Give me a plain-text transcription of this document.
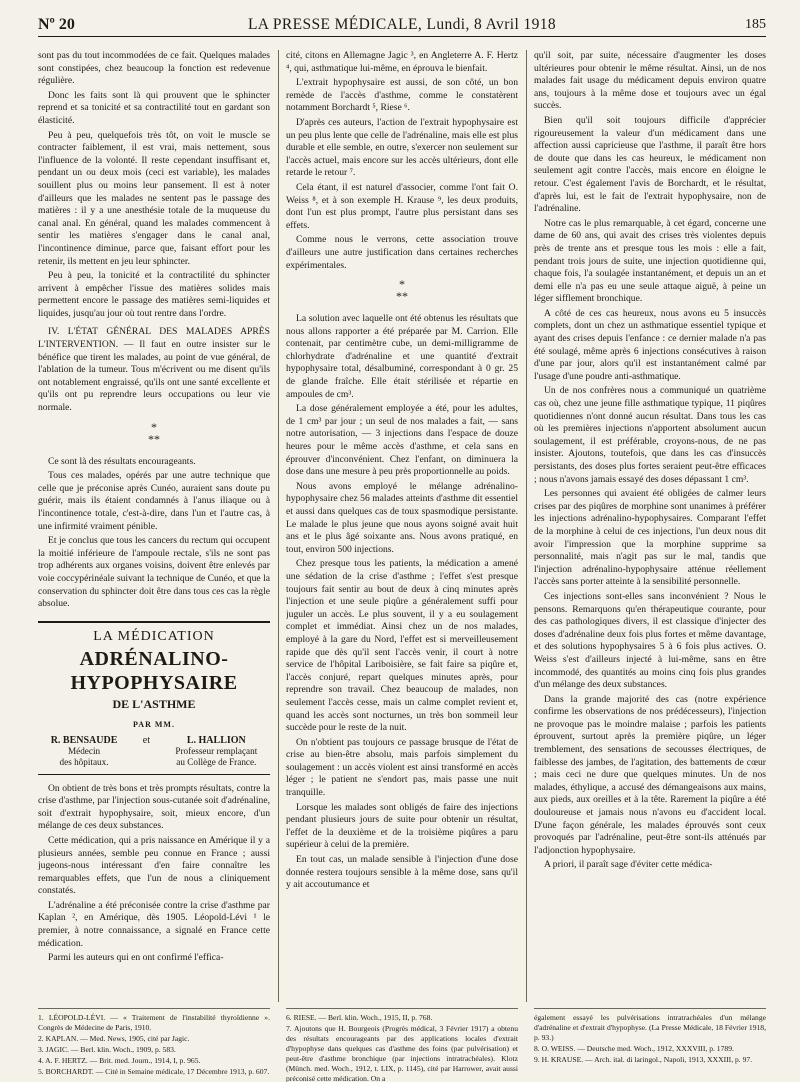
LA PRESSE MÉDICALE, Lundi, 8 Avril 1918
Nº 20	185

sont pas du tout incommodées de ce fait. Quelques malades sont constipées, chez beaucoup la fonction est redevenue régulière.

Donc les faits sont là qui prouvent que le sphincter reprend et sa tonicité et sa contractilité tout en gardant son élasticité.

Peu à peu, quelquefois très tôt, on voit le muscle se contracter faiblement, il est vrai, mais nettement, sous l'influence de la volonté. Il reste cependant insuffisant et, pendant un ou deux mois (ceci est variable), les malades souillent plus ou moins leur pansement. Il est à noter d'ailleurs que les malades ne sentent pas le passage des matières : il y a une anesthésie totale de la muqueuse du canal anal. En général, quand les malades commencent à sentir les matières s'engager dans le canal anal, l'incontinence diminue, parce que, faisant effort pour les retenir, ils mettent en jeu leur sphincter.

Peu à peu, la tonicité et la contractilité du sphincter arrivent à empêcher l'issue des matières solides mais permettent encore le passage des matières semi-liquides et liquides, jusqu'au jour où tout rentre dans l'ordre.

IV. L'ÉTAT GÉNÉRAL DES MALADES APRÈS L'INTERVENTION. — Il faut en outre insister sur le bénéfice que tirent les malades, au point de vue général, de l'ablation de la tumeur. Tous m'écrivent ou me disent qu'ils ont notablement engraissé, qu'ils ont une santé excellente et qu'ils ont pu reprendre leurs occupations ou leur vie normale.

*
**

Ce sont là des résultats encourageants.

Tous ces malades, opérés par une autre technique que celle que je préconise après Cunéo, auraient sans doute pu guérir, mais ils étaient condamnés à l'anus iliaque ou à l'incontinence totale, c'est-à-dire, dans l'un et l'autre cas, à une infirmité vraiment pénible.

Et je conclus que tous les cancers du rectum qui occupent la moitié inférieure de l'ampoule rectale, s'ils ne sont pas trop adhérents aux organes voisins, doivent être enlevés par voie coccypérinéale suivant la technique de Cunéo, et que la conservation du sphincter doit être dans tous ces cas la règle absolue.

LA MÉDICATION
ADRÉNALINO-HYPOPHYSAIRE
DE L'ASTHME
PAR MM.
R. BENSAUDE
Médecin
des hôpitaux.
et	L. HALLION
Professeur remplaçant
au Collège de France.

On obtient de très bons et très prompts résultats, contre la crise d'asthme, par l'injection sous-cutanée soit d'adrénaline, soit d'extrait hypophysaire, soit, mieux encore, d'un mélange de ces deux substances.

Cette médication, qui a pris naissance en Amérique il y a plusieurs années, semble peu connue en France ; aussi jugeons-nous intéressant d'en faire connaître les remarquables effets, que l'un de nous a cliniquement constatés.

L'adrénaline a été préconisée contre la crise d'asthme par Kaplan ², en Amérique, dès 1905. Léopold-Lévi ¹ le premier, à notre connaissance, a signalé en France cette médication.

Parmi les auteurs qui en ont confirmé l'effica-

cité, citons en Allemagne Jagic ³, en Angleterre A. F. Hertz ⁴, qui, asthmatique lui-même, en éprouva le bienfait.

L'extrait hypophysaire est aussi, de son côté, un bon remède de l'accès d'asthme, comme le constatèrent notamment Borchardt ⁵, Riese ⁶.

D'après ces auteurs, l'action de l'extrait hypophysaire est un peu plus lente que celle de l'adrénaline, mais elle est plus durable et elle semble, en outre, s'exercer non seulement sur l'accès actuel, mais encore sur les accès ultérieurs, dont elle retarde le retour ⁷.

Cela étant, il est naturel d'associer, comme l'ont fait O. Weiss ⁸, et à son exemple H. Krause ⁹, les deux produits, dont l'un est plus prompt, l'autre plus persistant dans ses effets.

Comme nous le verrons, cette association trouve d'ailleurs une autre justification dans certaines recherches expérimentales.

*
**

La solution avec laquelle ont été obtenus les résultats que nous allons rapporter a été préparée par M. Carrion. Elle contenait, par centimètre cube, un demi-milligramme de chlorhydrate d'adrénaline et une quantité d'extrait hypophysaire total, désalbuminé, correspondant à 0 gr. 25 de glande fraîche. Elle était stérilisée et répartie en ampoules de cm³.

La dose généralement employée a été, pour les adultes, de 1 cm³ par jour ; un seul de nos malades a fait, — sans notre autorisation, — 3 injections dans l'espace de douze heures pour le même accès d'asthme, et cela sans en éprouver d'inconvénient. Chez l'enfant, on diminuera la dose dans une mesure à peu près proportionnelle au poids.

Nous avons employé le mélange adrénalino-hypophysaire chez 56 malades atteints d'asthme dit essentiel et aussi dans quelques cas de toux spasmodique persistante. Le malade le plus jeune que nous ayons soigné avait huit ans et le plus âgé soixante ans. Nous avons pratiqué, en tout, environ 500 injections.

Chez presque tous les patients, la médication a amené une sédation de la crise d'asthme ; l'effet s'est presque toujours fait sentir au bout de deux à cinq minutes après l'injection et une seule piqûre a généralement suffi pour juguler un accès. Le plus souvent, il y a eu soulagement complet et immédiat. Ainsi chez un de nos malades, employé à la gare du Nord, l'effet est si merveilleusement rapide que dès qu'il sent l'accès venir, il court à notre service de l'hôpital Lariboisière, se fait faire sa piqûre et, l'accès conjuré, repart quelques minutes après, pour reprendre son travail. Chez beaucoup de malades, non seulement l'accès cesse, mais un calme complet revient et, quand les accès sont nocturnes, un très bon sommeil leur succède pour le reste de la nuit.

On n'obtient pas toujours ce passage brusque de l'état de crise au bien-être absolu, mais parfois simplement du soulagement : un accès violent est ainsi transformé en accès léger ; le patient ne s'endort pas, mais passe une nuit tranquille.

Lorsque les malades sont obligés de faire des injections pendant plusieurs jours de suite pour obtenir un résultat, l'effet de la deuxième et de la troisième piqûres a paru supérieur à celui de la première.

En tout cas, un malade sensible à l'injection d'une dose donnée restera toujours sensible à la même dose, sans qu'il y ait accoutumance et

qu'il soit, par suite, nécessaire d'augmenter les doses ultérieures pour obtenir le même résultat. Ainsi, un de nos malades fait usage du médicament depuis environ quatre ans, toujours à la même dose et toujours avec un égal succès.

Bien qu'il soit toujours difficile d'apprécier rigoureusement la valeur d'un médicament dans une affection aussi capricieuse que l'asthme, il paraît être hors de doute que dans les cas heureux, le médicament non seulement agit contre l'accès, mais encore en éloigne le retour. C'est également l'avis de Borchardt, et le résultat, d'après lui, est le fait de l'extrait hypophysaire, non de l'adrénaline.

Notre cas le plus remarquable, à cet égard, concerne une dame de 60 ans, qui avait des crises très violentes depuis près de trente ans et presque tous les mois : elle a fait, pendant trois jours de suite, une injection quotidienne qui, chaque fois, l'a soulagée instantanément, et depuis un an et demi elle n'a pas eu une seule attaque aiguë, à peine un léger sifflement bronchique.

A côté de ces cas heureux, nous avons eu 5 insuccès complets, dont un chez un asthmatique essentiel typique et ayant des crises depuis l'enfance : ce dernier malade n'a pas été soulagé, même après 6 injections consécutives à raison d'une par jour, alors qu'il est instantanément calmé par l'usage d'une poudre anti-asthmatique.

Un de nos confrères nous a communiqué un quatrième cas où, chez une jeune fille asthmatique typique, 11 piqûres quotidiennes n'ont donné aucun résultat. Dans tous les cas où les premières injections n'apportent absolument aucun soulagement, il est préférable, croyons-nous, de ne pas insister. Ajoutons, toutefois, que dans les cas d'insuccès persistants, des doses plus fortes seraient peut-être efficaces ; nous n'avons jamais essayé des doses dépassant 1 cm³.

Les personnes qui avaient été obligées de calmer leurs crises par des piqûres de morphine sont unanimes à préférer les injections adrénalino-hypophysaires. Comparant l'effet de la morphine à celui de ces injections, l'un deux nous dit avoir l'impression que la morphine supprime sa personnalité, mais n'agit pas sur le mal, tandis que l'injection adrénalino-hypophysaire atténue réellement l'accès sans porter atteinte à la sensibilité personnelle.

Ces injections sont-elles sans inconvénient ? Nous le pensons. Remarquons qu'en thérapeutique courante, pour des cas pathologiques divers, il est classique d'injecter des doses d'adrénaline deux fois plus fortes et même davantage, et des solutions hypophysaires 5 à 6 fois plus actives. O. Weiss s'est d'ailleurs injecté à lui-même, sans en être incommodé, des quantités au moins cinq fois plus grandes d'un mélange des deux substances.

Dans la grande majorité des cas (notre expérience confirme les observations de nos prédécesseurs), l'injection ne provoque pas le moindre malaise ; parfois les patients éprouvent, surtout après la première piqûre, un léger tremblement, des sensations de secousses électriques, de faiblesse des jambes, de l'agitation, des battements de cœur ; mais ceci ne dure que quelques minutes. Un de nos malades, éthylique, a accusé des démangeaisons aux mains, aux pieds, aux oreilles et à la tête. Rarement la piqûre a été douloureuse et jamais nous n'avons eu d'accident local. D'une façon générale, les malades éprouvés sont ceux provoqués par l'adrénaline, peut-être sont-ils atténués par l'adjonction hypophysaire.

A priori, il paraît sage d'éviter cette médica-

1. LÉOPOLD-LÉVI. — « Traitement de l'instabilité thyroïdienne ». Congrès de Médecine de Paris, 1910.
2. KAPLAN. — Med. News, 1905, cité par Jagic.
3. JAGIC. — Berl. klin. Woch., 1909, p. 583.
4. A. F. HERTZ. — Brit. med. Journ., 1914, I, p. 965.
5. BORCHARDT. — Cité in Semaine médicale, 17 Décembre 1913, p. 607.
6. RIESE. — Berl. klin. Woch., 1915, II, p. 768.
7. Ajoutons que H. Bourgeois (Progrès médical, 3 Février 1917) a obtenu des résultats encourageants par des applications locales d'extrait d'hypophyse dans quelques cas d'asthme des foins (par pulvérisation) et peut-être d'asthme bronchique (par injections intratrachéales). Klotz (Münch. med. Woch., 1912, t. LIX, p. 1145), cité par Harrower, avait aussi préconisé cette médication. On a
également essayé les pulvérisations intratrachéales d'un mélange d'adrénaline et d'extrait d'hypophyse. (La Presse Médicale, 18 Février 1918, p. 93.)
8. O. WEISS. — Deutsche med. Woch., 1912, XXXVIII, p. 1789.
9. H. KRAUSE. — Arch. ital. di laringol., Napoli, 1913, XXXIII, p. 97.
